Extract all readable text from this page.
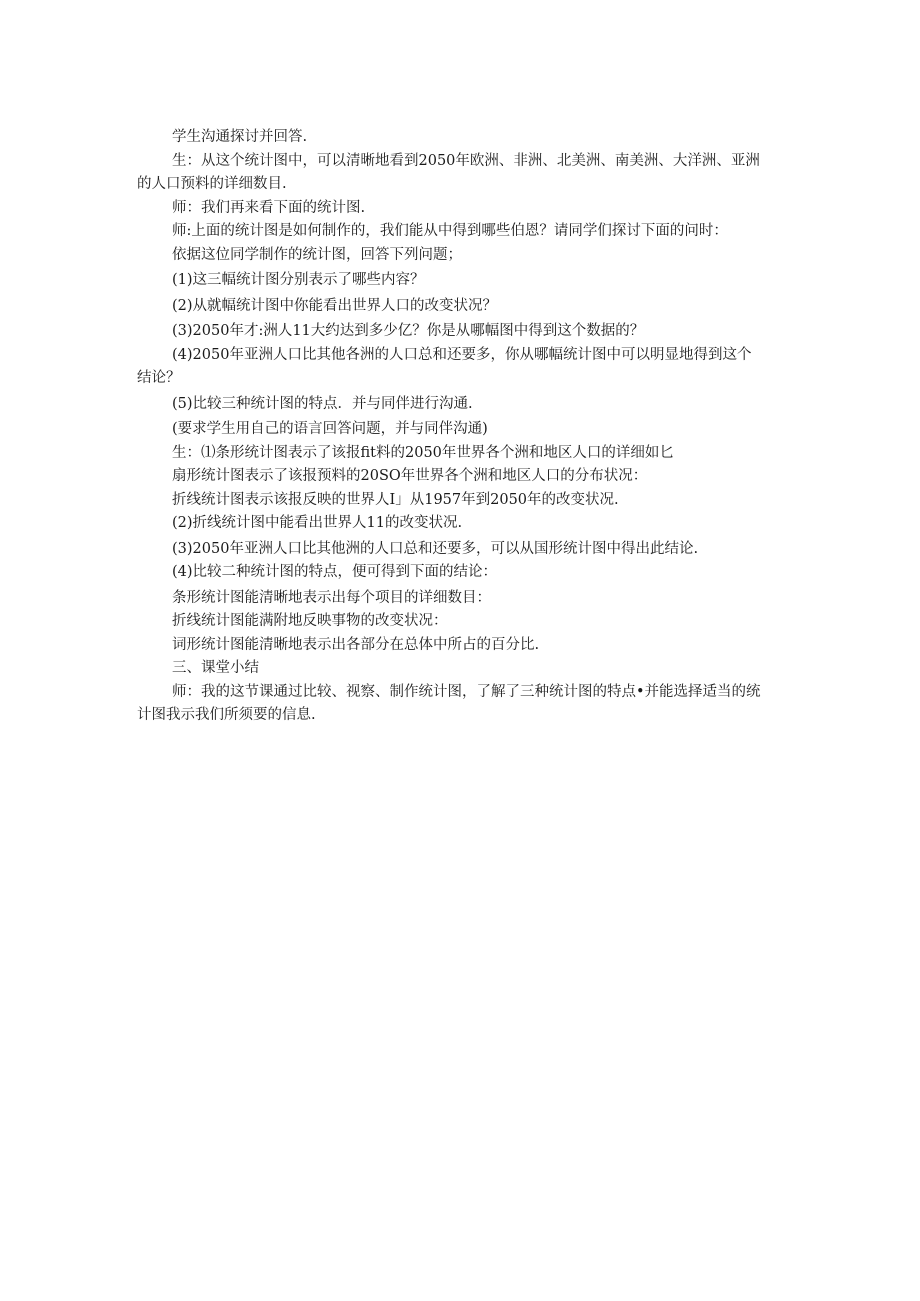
学生沟通探讨并回答.

生：从这个统计图中，可以清晰地看到2050年欧洲、非洲、北美洲、南美洲、大洋洲、亚洲

的人口预料的详细数目.

师：我们再来看下面的统计图.

师:上面的统计图是如何制作的，我们能从中得到哪些伯恩？请同学们探讨下面的问时：

依据这位同学制作的统计图，回答下列问题；

(1)这三幅统计图分别表示了哪些内容？

(2)从就幅统计图中你能看出世界人口的改变状况？

(3)2050年才:洲人11大约达到多少亿？你是从哪幅图中得到这个数据的？

(4)2050年亚洲人口比其他各洲的人口总和还要多，你从哪幅统计图中可以明显地得到这个

结论？

(5)比较三种统计图的特点．并与同伴进行沟通.

(要求学生用自己的语言回答问题，并与同伴沟通)

生：⑴条形统计图表示了该报fit料的2050年世界各个洲和地区人口的详细如匕

扇形统计图表示了该报预料的20SO年世界各个洲和地区人口的分布状况：

折线统计图表示该报反映的世界人I」从1957年到2050年的改变状况.

(2)折线统计图中能看出世界人11的改变状况.

(3)2050年亚洲人口比其他洲的人口总和还要多，可以从国形统计图中得出此结论.

(4)比较二种统计图的特点，便可得到下面的结论：

条形统计图能清晰地表示出每个项目的详细数目：

折线统计图能满附地反映事物的改变状况：

词形统计图能清晰地表示出各部分在总体中所占的百分比.

三、课堂小结

师：我的这节课通过比较、视察、制作统计图，了解了三种统计图的特点•并能选择适当的统

计图我示我们所须要的信息.
